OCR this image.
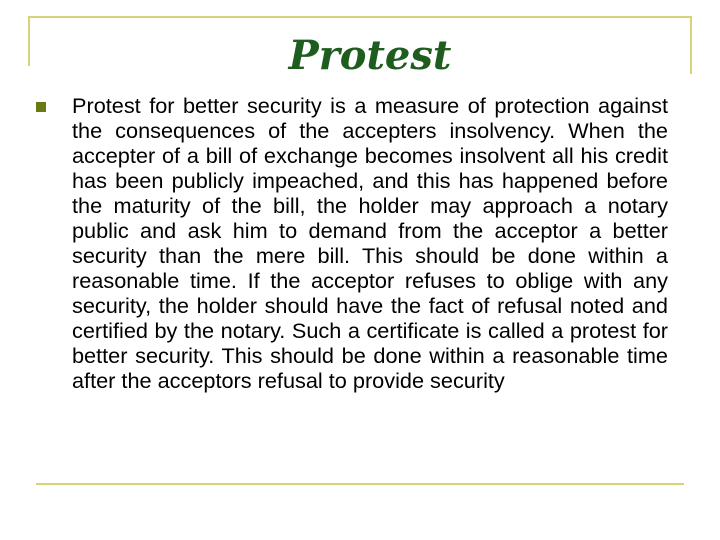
Protest

Protest for better security is a measure of protection against the consequences of the accepters insolvency. When the accepter of a bill of exchange becomes insolvent all his credit has been publicly impeached, and this has happened before the maturity of the bill, the holder may approach a notary public and ask him to demand from the acceptor a better security than the mere bill. This should be done within a reasonable time. If the acceptor refuses to oblige with any security, the holder should have the fact of refusal noted and certified by the notary. Such a certificate is called a protest for better security. This should be done within a reasonable time after the acceptors refusal to provide security
